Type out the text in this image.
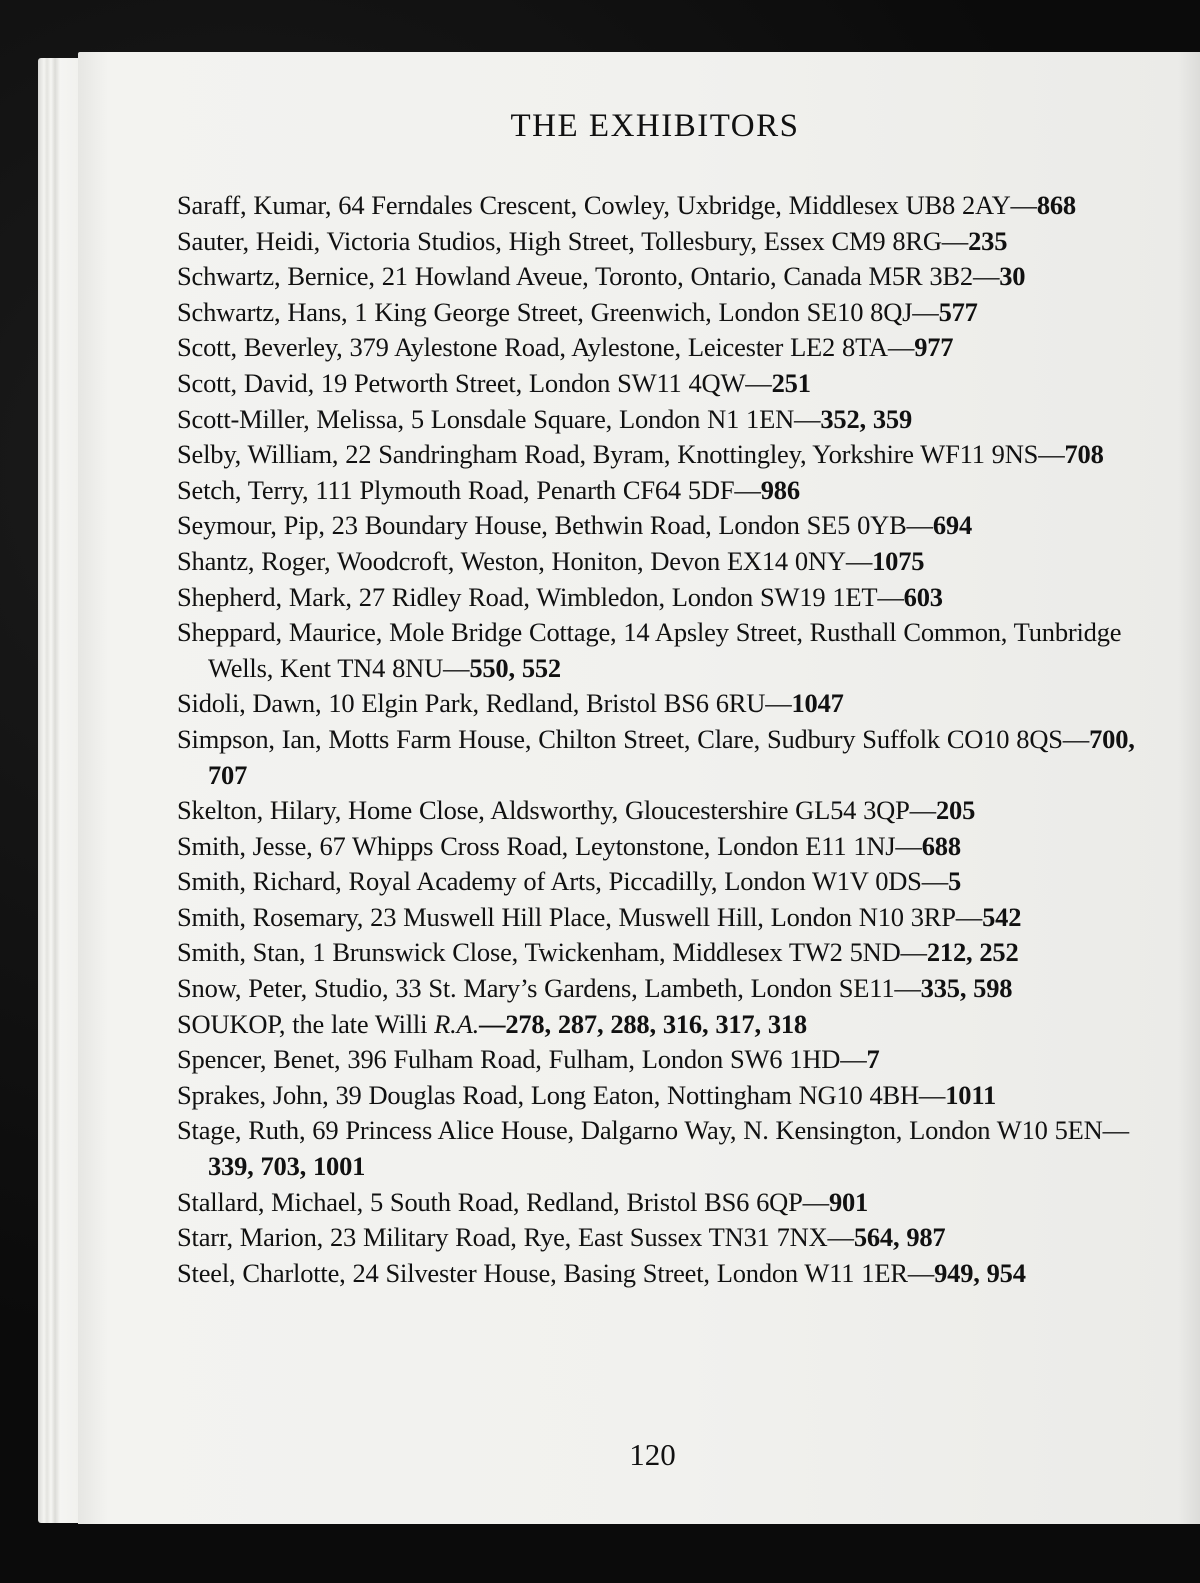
THE EXHIBITORS

Saraff, Kumar, 64 Ferndales Crescent, Cowley, Uxbridge, Middlesex UB8 2AY—868

Sauter, Heidi, Victoria Studios, High Street, Tollesbury, Essex CM9 8RG—235

Schwartz, Bernice, 21 Howland Aveue, Toronto, Ontario, Canada M5R 3B2—30

Schwartz, Hans, 1 King George Street, Greenwich, London SE10 8QJ—577

Scott, Beverley, 379 Aylestone Road, Aylestone, Leicester LE2 8TA—977

Scott, David, 19 Petworth Street, London SW11 4QW—251

Scott-Miller, Melissa, 5 Lonsdale Square, London N1 1EN—352, 359

Selby, William, 22 Sandringham Road, Byram, Knottingley, Yorkshire WF11 9NS—708

Setch, Terry, 111 Plymouth Road, Penarth CF64 5DF—986

Seymour, Pip, 23 Boundary House, Bethwin Road, London SE5 0YB—694

Shantz, Roger, Woodcroft, Weston, Honiton, Devon EX14 0NY—1075

Shepherd, Mark, 27 Ridley Road, Wimbledon, London SW19 1ET—603

Sheppard, Maurice, Mole Bridge Cottage, 14 Apsley Street, Rusthall Common, Tunbridge Wells, Kent TN4 8NU—550, 552

Sidoli, Dawn, 10 Elgin Park, Redland, Bristol BS6 6RU—1047

Simpson, Ian, Motts Farm House, Chilton Street, Clare, Sudbury Suffolk CO10 8QS—700, 707

Skelton, Hilary, Home Close, Aldsworthy, Gloucestershire GL54 3QP—205

Smith, Jesse, 67 Whipps Cross Road, Leytonstone, London E11 1NJ—688

Smith, Richard, Royal Academy of Arts, Piccadilly, London W1V 0DS—5

Smith, Rosemary, 23 Muswell Hill Place, Muswell Hill, London N10 3RP—542

Smith, Stan, 1 Brunswick Close, Twickenham, Middlesex TW2 5ND—212, 252

Snow, Peter, Studio, 33 St. Mary’s Gardens, Lambeth, London SE11—335, 598

SOUKOP, the late Willi R.A.—278, 287, 288, 316, 317, 318

Spencer, Benet, 396 Fulham Road, Fulham, London SW6 1HD—7

Sprakes, John, 39 Douglas Road, Long Eaton, Nottingham NG10 4BH—1011

Stage, Ruth, 69 Princess Alice House, Dalgarno Way, N. Kensington, London W10 5EN—339, 703, 1001

Stallard, Michael, 5 South Road, Redland, Bristol BS6 6QP—901

Starr, Marion, 23 Military Road, Rye, East Sussex TN31 7NX—564, 987

Steel, Charlotte, 24 Silvester House, Basing Street, London W11 1ER—949, 954

120
